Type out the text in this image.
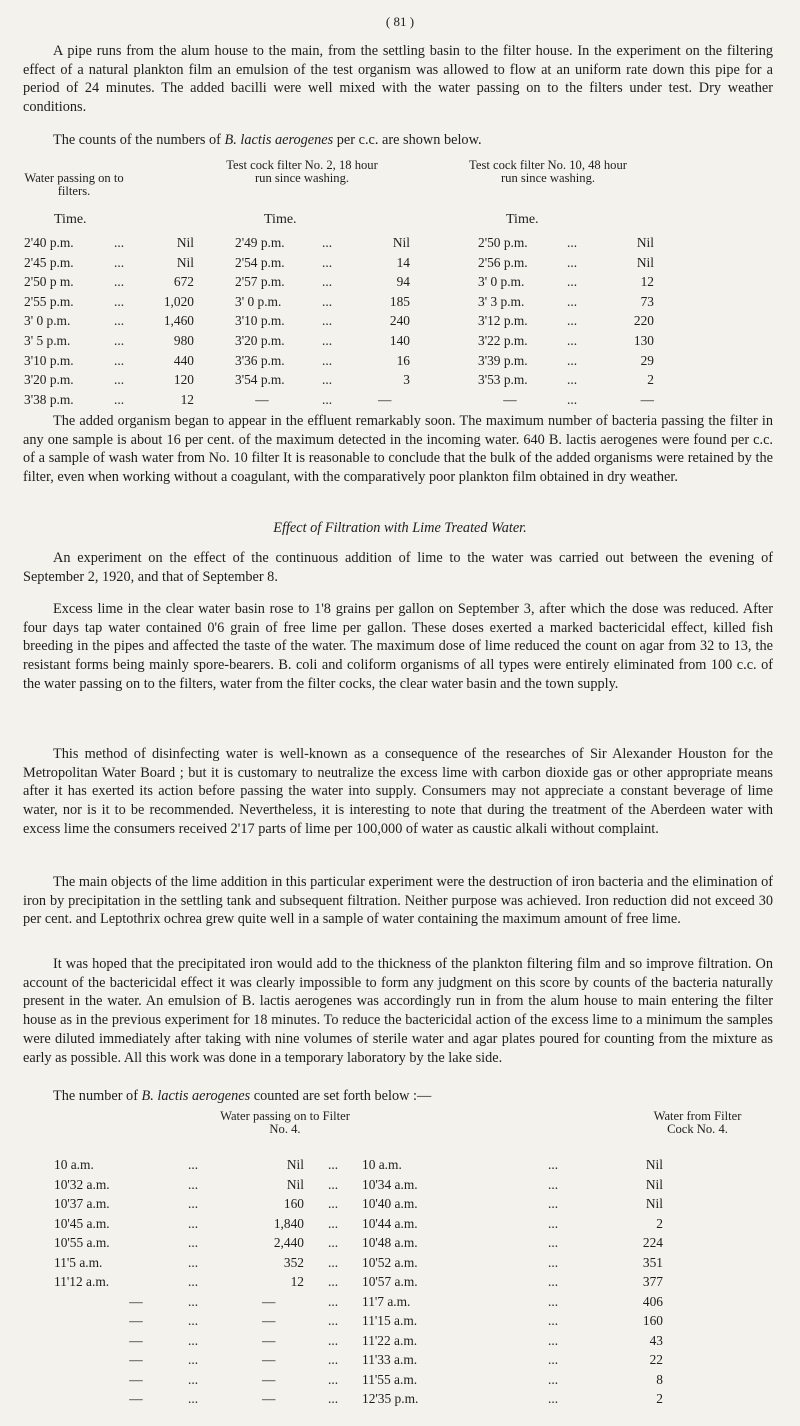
( 81 )

A pipe runs from the alum house to the main, from the settling basin to the filter house. In the experiment on the filtering effect of a natural plankton film an emulsion of the test organism was allowed to flow at an uniform rate down this pipe for a period of 24 minutes. The added bacilli were well mixed with the water passing on to the filters under test. Dry weather conditions.

The counts of the numbers of B. lactis aerogenes per c.c. are shown below.

Water passing on to filters.
Test cock filter No. 2, 18 hour run since washing.
Test cock filter No. 10, 48 hour run since washing.
Time.	Time.	Time.
2'40 p.m.	...	Nil	2'49 p.m.	...	Nil	2'50 p.m.	...	Nil
2'45 p.m.	...	Nil	2'54 p.m.	...	14	2'56 p.m.	...	Nil
2'50 p m.	...	672	2'57 p.m.	...	94	3' 0 p.m.	...	12
2'55 p.m.	...	1,020	3' 0 p.m.	...	185	3' 3 p.m.	...	73
3' 0 p.m.	...	1,460	3'10 p.m.	...	240	3'12 p.m.	...	220
3' 5 p.m.	...	980	3'20 p.m.	...	140	3'22 p.m.	...	130
3'10 p.m.	...	440	3'36 p.m.	...	16	3'39 p.m.	...	29
3'20 p.m.	...	120	3'54 p.m.	...	3	3'53 p.m.	...	2
3'38 p.m.	...	12	—	...	—	—	...	—

The added organism began to appear in the effluent remarkably soon. The maximum number of bacteria passing the filter in any one sample is about 16 per cent. of the maximum detected in the incoming water. 640 B. lactis aerogenes were found per c.c. of a sample of wash water from No. 10 filter It is reasonable to conclude that the bulk of the added organisms were retained by the filter, even when working without a coagulant, with the comparatively poor plankton film obtained in dry weather.

Effect of Filtration with Lime Treated Water.

An experiment on the effect of the continuous addition of lime to the water was carried out between the evening of September 2, 1920, and that of September 8.

Excess lime in the clear water basin rose to 1'8 grains per gallon on September 3, after which the dose was reduced. After four days tap water contained 0'6 grain of free lime per gallon. These doses exerted a marked bactericidal effect, killed fish breeding in the pipes and affected the taste of the water. The maximum dose of lime reduced the count on agar from 32 to 13, the resistant forms being mainly spore-bearers. B. coli and coliform organisms of all types were entirely eliminated from 100 c.c. of the water passing on to the filters, water from the filter cocks, the clear water basin and the town supply.

This method of disinfecting water is well-known as a consequence of the researches of Sir Alexander Houston for the Metropolitan Water Board ; but it is customary to neutralize the excess lime with carbon dioxide gas or other appropriate means after it has exerted its action before passing the water into supply. Consumers may not appreciate a constant beverage of lime water, nor is it to be recommended. Nevertheless, it is interesting to note that during the treatment of the Aberdeen water with excess lime the consumers received 2'17 parts of lime per 100,000 of water as caustic alkali without complaint.

The main objects of the lime addition in this particular experiment were the destruction of iron bacteria and the elimination of iron by precipitation in the settling tank and subsequent filtration. Neither purpose was achieved. Iron reduction did not exceed 30 per cent. and Leptothrix ochrea grew quite well in a sample of water containing the maximum amount of free lime.

It was hoped that the precipitated iron would add to the thickness of the plankton filtering film and so improve filtration. On account of the bactericidal effect it was clearly impossible to form any judgment on this score by counts of the bacteria naturally present in the water. An emulsion of B. lactis aerogenes was accordingly run in from the alum house to main entering the filter house as in the previous experiment for 18 minutes. To reduce the bactericidal action of the excess lime to a minimum the samples were diluted immediately after taking with nine volumes of sterile water and agar plates poured for counting from the mixture as early as possible. All this work was done in a temporary laboratory by the lake side.

The number of B. lactis aerogenes counted are set forth below :—

Water passing on to Filter No. 4.
Water from Filter Cock No. 4.
10 a.m.	...	Nil ... 10 a.m.	...	Nil
10'32 a.m.	...	Nil ... 10'34 a.m.	...	Nil
10'37 a.m.	...	160 ... 10'40 a.m.	...	Nil
10'45 a.m.	...	1,840 ... 10'44 a.m.	...	2
10'55 a.m.	...	2,440 ... 10'48 a.m.	...	224
11'5 a.m.	...	352 ... 10'52 a.m.	...	351
11'12 a.m.	...	12 ... 10'57 a.m.	...	377
—	...	—	... 11'7 a.m.	...	406
—	...	—	... 11'15 a.m.	...	160
—	...	—	... 11'22 a.m.	...	43
—	...	—	... 11'33 a.m.	...	22
—	...	—	... 11'55 a.m.	...	8
—	...	—	... 12'35 p.m.	...	2
